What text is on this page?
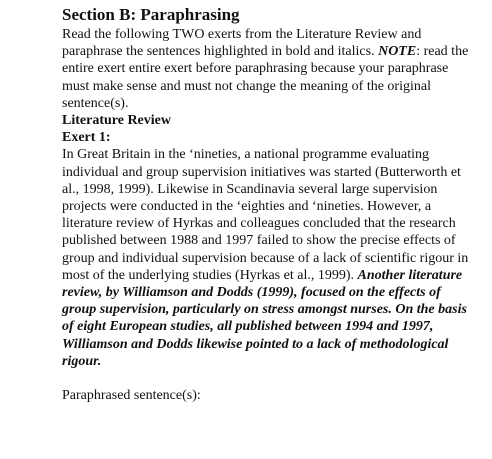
Section B: Paraphrasing

Read the following TWO exerts from the Literature Review and paraphrase the sentences highlighted in bold and italics. NOTE: read the entire exert entire exert before paraphrasing because your paraphrase must make sense and must not change the meaning of the original sentence(s).

Literature Review
Exert 1:

In Great Britain in the ‘nineties, a national programme evaluating individual and group supervision initiatives was started (Butterworth et al., 1998, 1999). Likewise in Scandinavia several large supervision projects were conducted in the ‘eighties and ‘nineties. However, a literature review of Hyrkas and colleagues concluded that the research published between 1988 and 1997 failed to show the precise effects of group and individual supervision because of a lack of scientific rigour in most of the underlying studies (Hyrkas et al., 1999). Another literature review, by Williamson and Dodds (1999), focused on the effects of group supervision, particularly on stress amongst nurses. On the basis of eight European studies, all published between 1994 and 1997, Williamson and Dodds likewise pointed to a lack of methodological rigour.

Paraphrased sentence(s):
